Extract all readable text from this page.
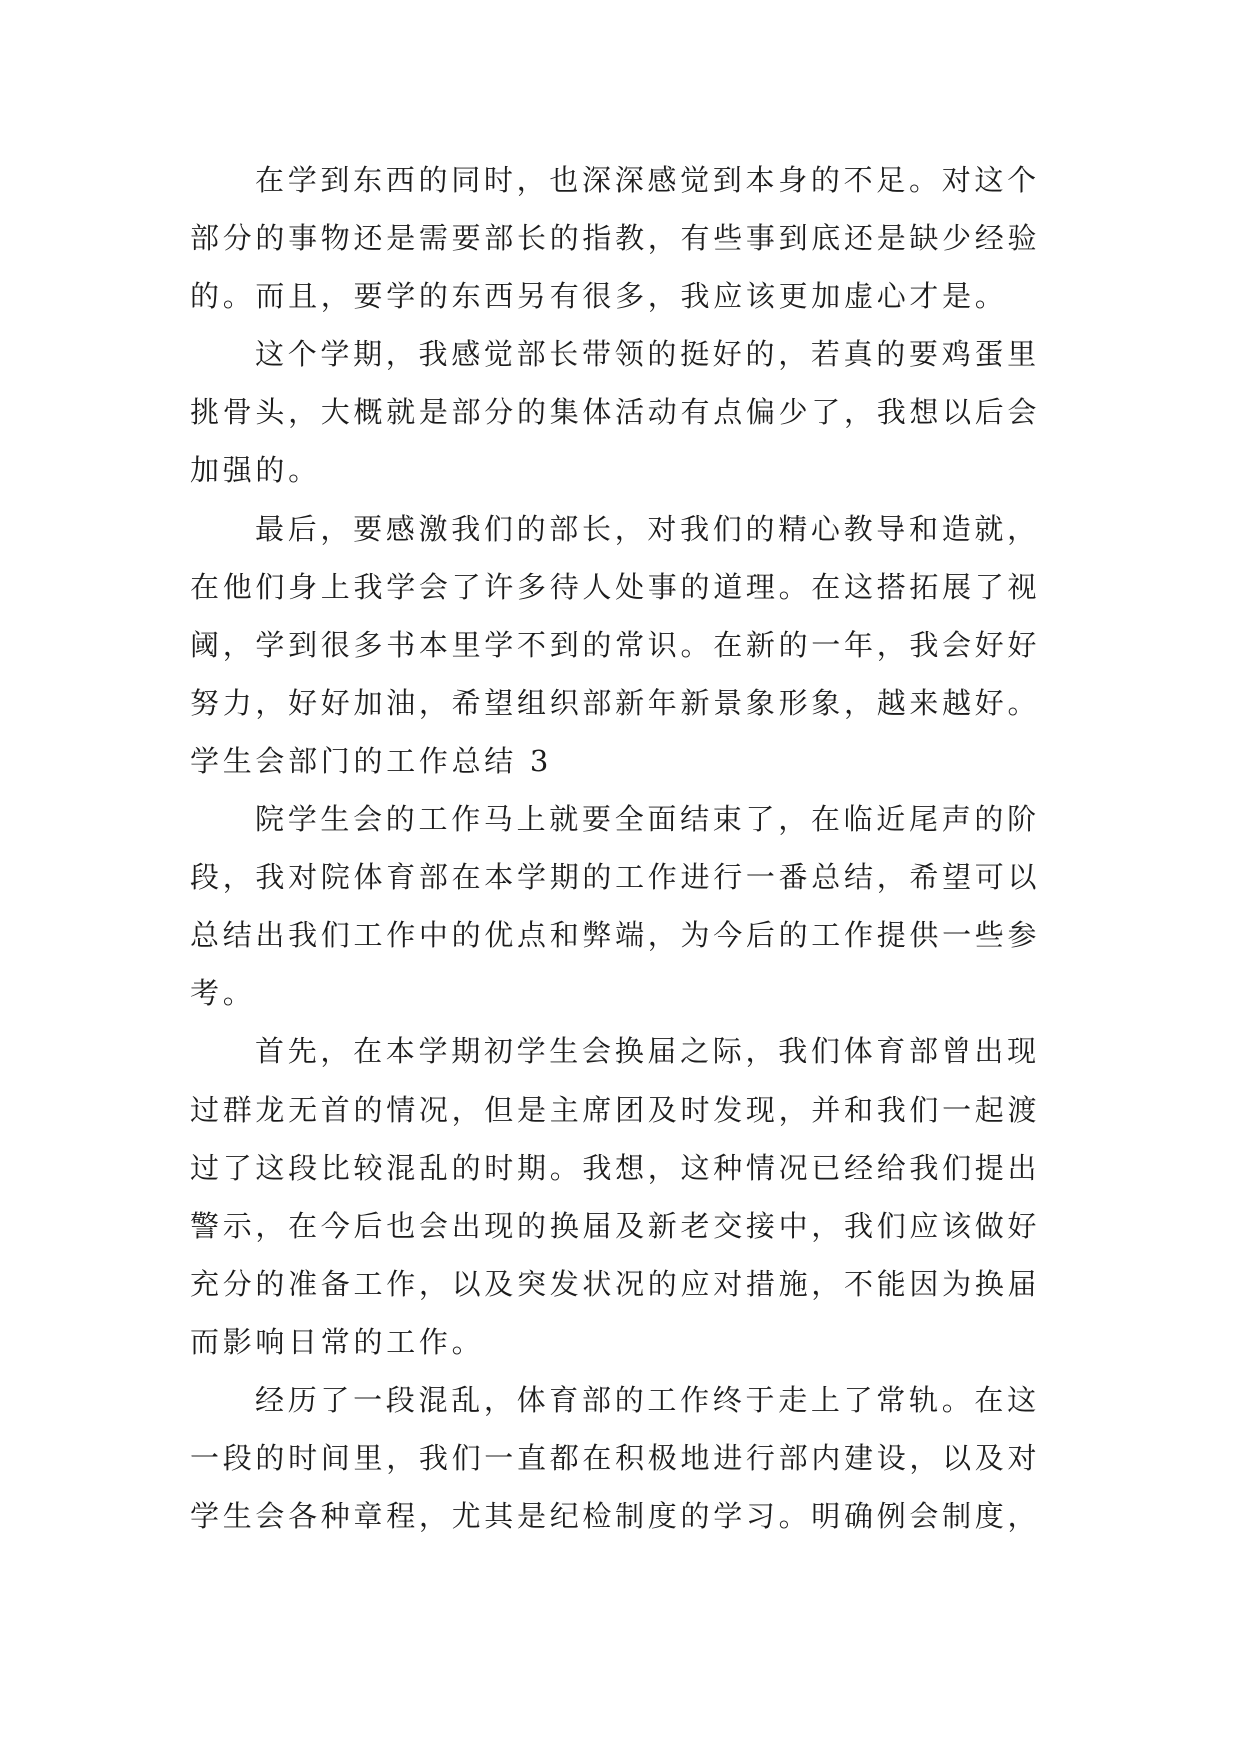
在学到东西的同时，也深深感觉到本身的不足。对这个
部分的事物还是需要部长的指教，有些事到底还是缺少经验
的。而且，要学的东西另有很多，我应该更加虚心才是。
这个学期，我感觉部长带领的挺好的，若真的要鸡蛋里
挑骨头，大概就是部分的集体活动有点偏少了，我想以后会
加强的。
最后，要感激我们的部长，对我们的精心教导和造就，
在他们身上我学会了许多待人处事的道理。在这搭拓展了视
阈，学到很多书本里学不到的常识。在新的一年，我会好好
努力，好好加油，希望组织部新年新景象形象，越来越好。
学生会部门的工作总结 3
院学生会的工作马上就要全面结束了，在临近尾声的阶
段，我对院体育部在本学期的工作进行一番总结，希望可以
总结出我们工作中的优点和弊端，为今后的工作提供一些参
考。
首先，在本学期初学生会换届之际，我们体育部曾出现
过群龙无首的情况，但是主席团及时发现，并和我们一起渡
过了这段比较混乱的时期。我想，这种情况已经给我们提出
警示，在今后也会出现的换届及新老交接中，我们应该做好
充分的准备工作，以及突发状况的应对措施，不能因为换届
而影响日常的工作。
经历了一段混乱，体育部的工作终于走上了常轨。在这
一段的时间里，我们一直都在积极地进行部内建设，以及对
学生会各种章程，尤其是纪检制度的学习。明确例会制度，
